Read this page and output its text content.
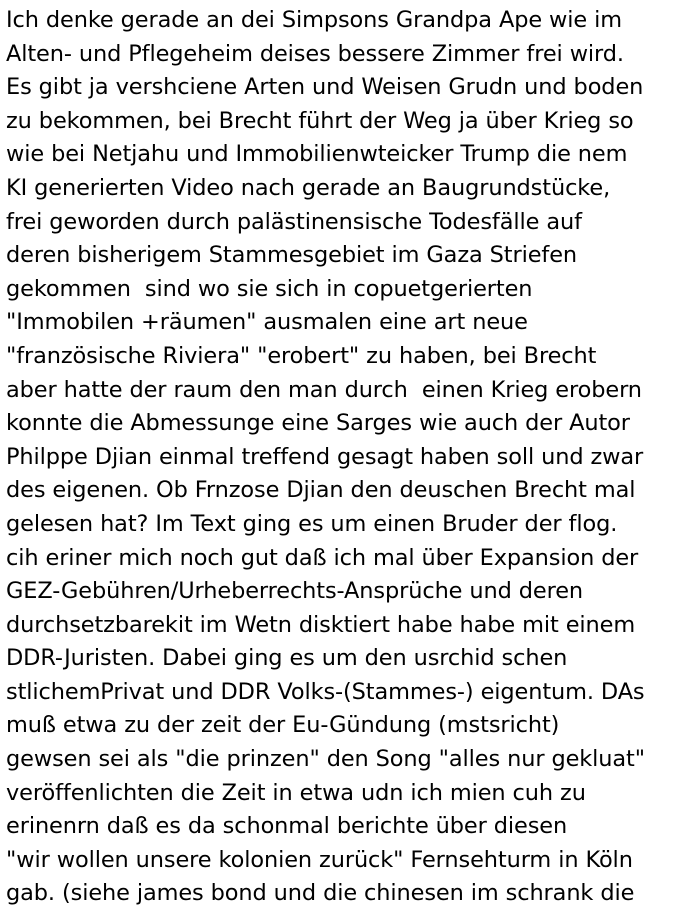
Ich denke gerade an dei Simpsons Grandpa Ape wie im
Alten- und Pflegeheim deises bessere Zimmer frei wird.
Es gibt ja vershciene Arten und Weisen Grudn und boden
zu bekommen, bei Brecht führt der Weg ja über Krieg so
wie bei Netjahu und Immobilienwteicker Trump die nem
KI generierten Video nach gerade an Baugrundstücke,
frei geworden durch palästinensische Todesfälle auf
deren bisherigem Stammesgebiet im Gaza Striefen
gekommen  sind wo sie sich in copuetgerierten
"Immobilen +räumen" ausmalen eine art neue
"französische Riviera" "erobert" zu haben, bei Brecht
aber hatte der raum den man durch  einen Krieg erobern
konnte die Abmessunge eine Sarges wie auch der Autor
Philppe Djian einmal treffend gesagt haben soll und zwar
des eigenen. Ob Frnzose Djian den deuschen Brecht mal
gelesen hat? Im Text ging es um einen Bruder der flog.
cih eriner mich noch gut daß ich mal über Expansion der
GEZ-Gebühren/Urheberrechts-Ansprüche und deren
durchsetzbarekit im Wetn disktiert habe habe mit einem
DDR-Juristen. Dabei ging es um den usrchid schen
stlichemPrivat und DDR Volks-(Stammes-) eigentum. DAs
muß etwa zu der zeit der Eu-Gündung (mstsricht)
gewsen sei als "die prinzen" den Song "alles nur gekluat"
veröffenlichten die Zeit in etwa udn ich mien cuh zu
erinenrn daß es da schonmal berichte über diesen
"wir wollen unsere kolonien zurück" Fernsehturm in Köln
gab. (siehe james bond und die chinesen im schrank die
